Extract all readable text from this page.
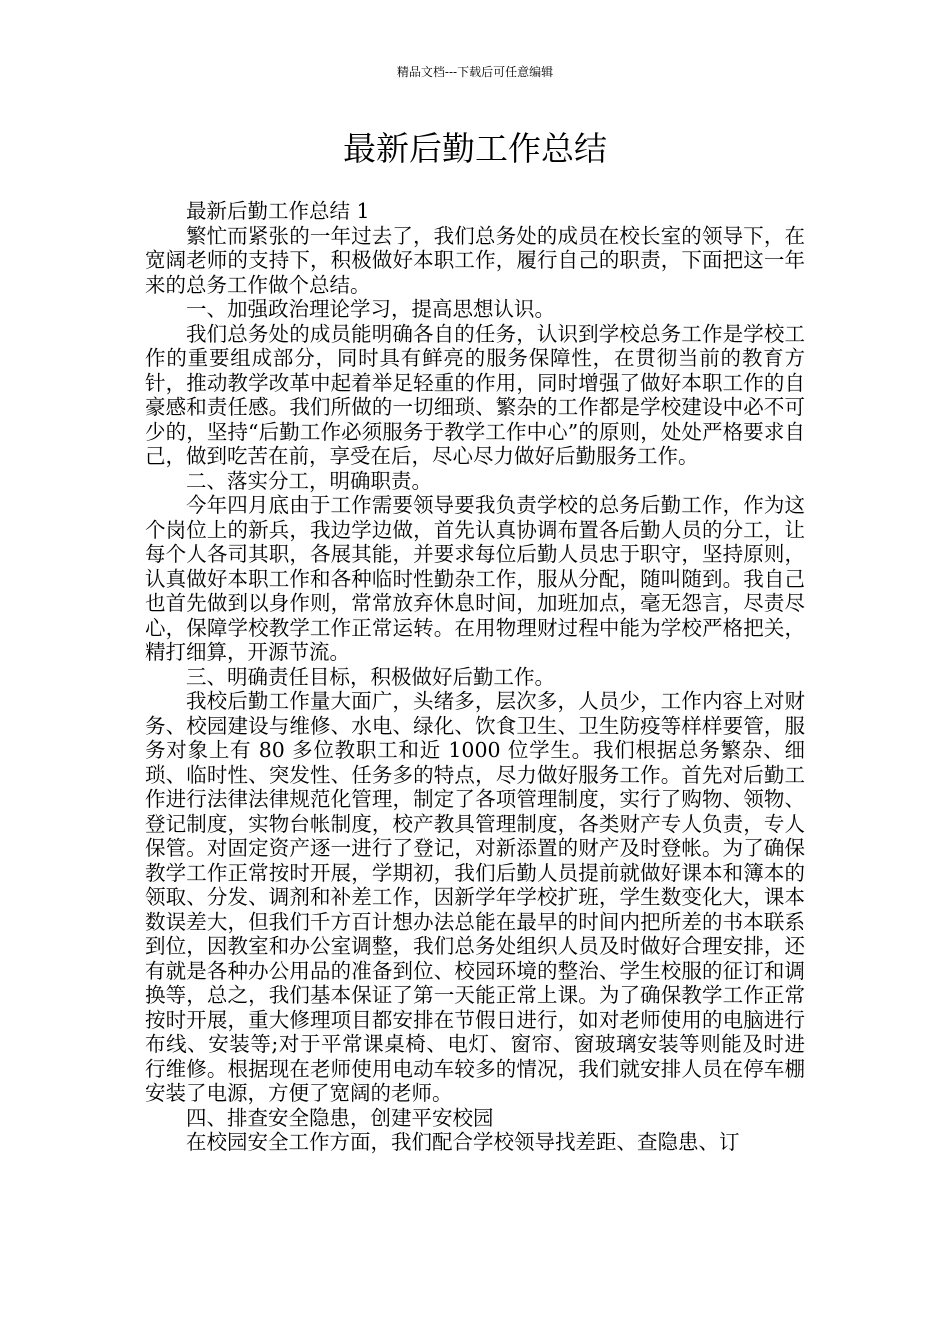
精品文档---下载后可任意编辑
最新后勤工作总结

最新后勤工作总结 1

繁忙而紧张的一年过去了，我们总务处的成员在校长室的领导下，在宽阔老师的支持下，积极做好本职工作，履行自己的职责，下面把这一年来的总务工作做个总结。

一、加强政治理论学习，提高思想认识。

我们总务处的成员能明确各自的任务，认识到学校总务工作是学校工作的重要组成部分，同时具有鲜亮的服务保障性，在贯彻当前的教育方针，推动教学改革中起着举足轻重的作用，同时增强了做好本职工作的自豪感和责任感。我们所做的一切细琐、繁杂的工作都是学校建设中必不可少的，坚持“后勤工作必须服务于教学工作中心”的原则，处处严格要求自己，做到吃苦在前，享受在后，尽心尽力做好后勤服务工作。

二、落实分工，明确职责。

今年四月底由于工作需要领导要我负责学校的总务后勤工作，作为这个岗位上的新兵，我边学边做，首先认真协调布置各后勤人员的分工，让每个人各司其职，各展其能，并要求每位后勤人员忠于职守，坚持原则，认真做好本职工作和各种临时性勤杂工作，服从分配，随叫随到。我自己也首先做到以身作则，常常放弃休息时间，加班加点，毫无怨言，尽责尽心，保障学校教学工作正常运转。在用物理财过程中能为学校严格把关，精打细算，开源节流。

三、明确责任目标，积极做好后勤工作。

我校后勤工作量大面广，头绪多，层次多，人员少，工作内容上对财务、校园建设与维修、水电、绿化、饮食卫生、卫生防疫等样样要管，服务对象上有 80 多位教职工和近 1000 位学生。我们根据总务繁杂、细琐、临时性、突发性、任务多的特点，尽力做好服务工作。首先对后勤工作进行法律法律规范化管理，制定了各项管理制度，实行了购物、领物、登记制度，实物台帐制度，校产教具管理制度，各类财产专人负责，专人保管。对固定资产逐一进行了登记，对新添置的财产及时登帐。为了确保教学工作正常按时开展，学期初，我们后勤人员提前就做好课本和簿本的领取、分发、调剂和补差工作，因新学年学校扩班，学生数变化大，课本数误差大，但我们千方百计想办法总能在最早的时间内把所差的书本联系到位，因教室和办公室调整，我们总务处组织人员及时做好合理安排，还有就是各种办公用品的准备到位、校园环境的整治、学生校服的征订和调换等，总之，我们基本保证了第一天能正常上课。为了确保教学工作正常按时开展，重大修理项目都安排在节假日进行，如对老师使用的电脑进行布线、安装等;对于平常课桌椅、电灯、窗帘、窗玻璃安装等则能及时进行维修。根据现在老师使用电动车较多的情况，我们就安排人员在停车棚安装了电源，方便了宽阔的老师。

四、排查安全隐患，创建平安校园

在校园安全工作方面，我们配合学校领导找差距、查隐患、订
